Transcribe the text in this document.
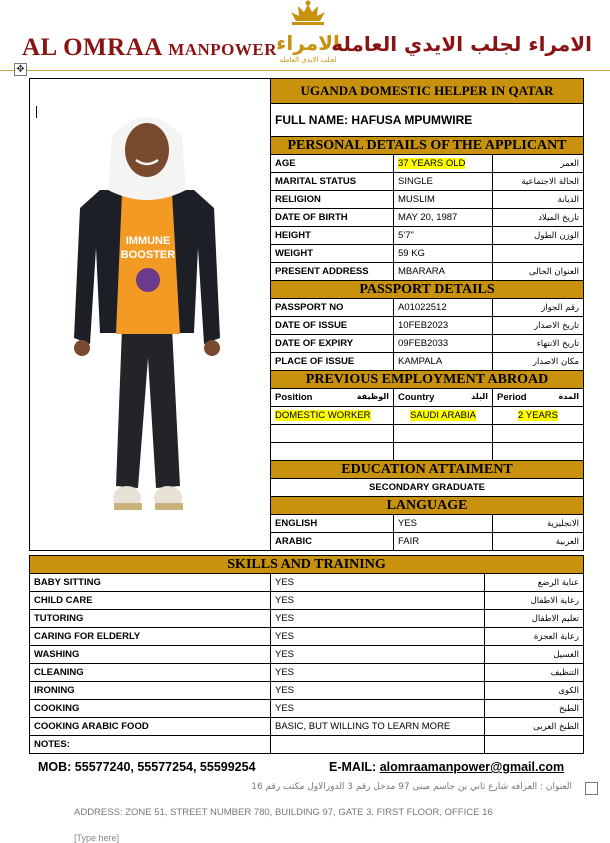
AL OMRAA MANPOWER الامراء
لجلب الايدي العامله
الامراء لجلب الايدي العامله
✥
	UGANDA DOMESTIC HELPER IN QATAR		
	FULL NAME: HAFUSA MPUMWIRE		
	PERSONAL DETAILS OF THE APPLICANT		
	AGE	37 YEARS OLD	العمر
	MARITAL STATUS	SINGLE	الحالة الاجتماعية
	RELIGION	MUSLIM	الديانة
	DATE OF BIRTH	MAY 20, 1987	تاريخ الميلاد
	HEIGHT	5’7”	الوزن الطول
	WEIGHT	59 KG	
	PRESENT ADDRESS	MBARARA	العنوان الحالى
	PASSPORT DETAILS		
	PASSPORT NO	A01022512	رقم الجواز
	DATE OF ISSUE	10FEB2023	تاريخ الاصدار
	DATE OF EXPIRY	09FEB2033	تاريخ الانتهاء
	PLACE OF ISSUE	KAMPALA	مكان الاصدار
	PREVIOUS EMPLOYMENT ABROAD		
	Position الوظيفة	Country البلد	Period المدة

	DOMESTIC WORKER	SAUDI ARABIA	2 YEARS

	EDUCATION ATTAIMENT		
	SECONDARY GRADUATE		
	LANGUAGE		
	ENGLISH	YES	الانجليزية
	ARABIC	FAIR	العربية
IMMUNE
BOOSTER
SKILLS AND TRAINING		
BABY SITTING	YES	عناية الرضع
CHILD CARE	YES	رعاية الاطفال
TUTORING	YES	تعليم الاطفال
CARING FOR ELDERLY	YES	رعاية العجزة
WASHING	YES	الغسيل
CLEANING	YES	التنظيف
IRONING	YES	الكوى
COOKING	YES	الطبخ
COOKING ARABIC FOOD	BASIC, BUT WILLING TO LEARN MORE	الطبخ العربى
NOTES:		
MOB: 55577240, 55577254, 55599254	E-MAIL: alomraamanpower@gmail.com
العنوان : العرافه شارع ثاني بن جاسم مبنى 97 مدخل رقم 3 الدورالاول مكتب رقم 16
ADDRESS: ZONE 51, STREET NUMBER 780, BUILDING 97, GATE 3, FIRST FLOOR, OFFICE 16
[Type here]
